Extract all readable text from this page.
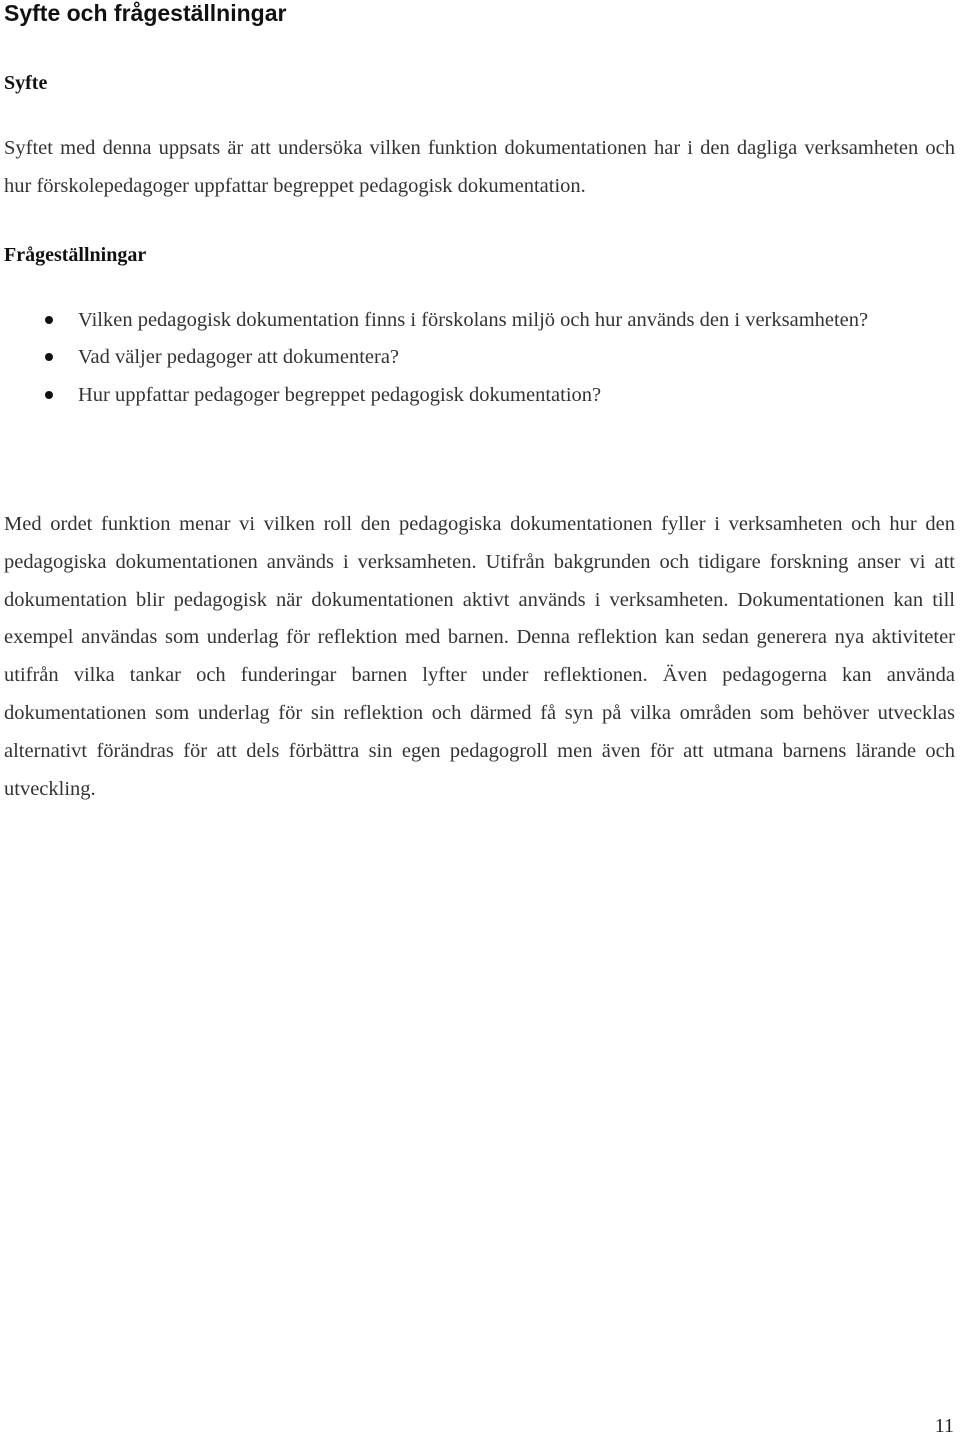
Syfte och frågeställningar
Syfte

Syftet med denna uppsats är att undersöka vilken funktion dokumentationen har i den dagliga verksamheten och hur förskolepedagoger uppfattar begreppet pedagogisk dokumentation.

Frågeställningar
Vilken pedagogisk dokumentation finns i förskolans miljö och hur används den i verksamheten?
Vad väljer pedagoger att dokumentera?
Hur uppfattar pedagoger begreppet pedagogisk dokumentation?

Med ordet funktion menar vi vilken roll den pedagogiska dokumentationen fyller i verksamheten och hur den pedagogiska dokumentationen används i verksamheten. Utifrån bakgrunden och tidigare forskning anser vi att dokumentation blir pedagogisk när dokumentationen aktivt används i verksamheten. Dokumentationen kan till exempel användas som underlag för reflektion med barnen. Denna reflektion kan sedan generera nya aktiviteter utifrån vilka tankar och funderingar barnen lyfter under reflektionen. Även pedagogerna kan använda dokumentationen som underlag för sin reflektion och därmed få syn på vilka områden som behöver utvecklas alternativt förändras för att dels förbättra sin egen pedagogroll men även för att utmana barnens lärande och utveckling.

11
